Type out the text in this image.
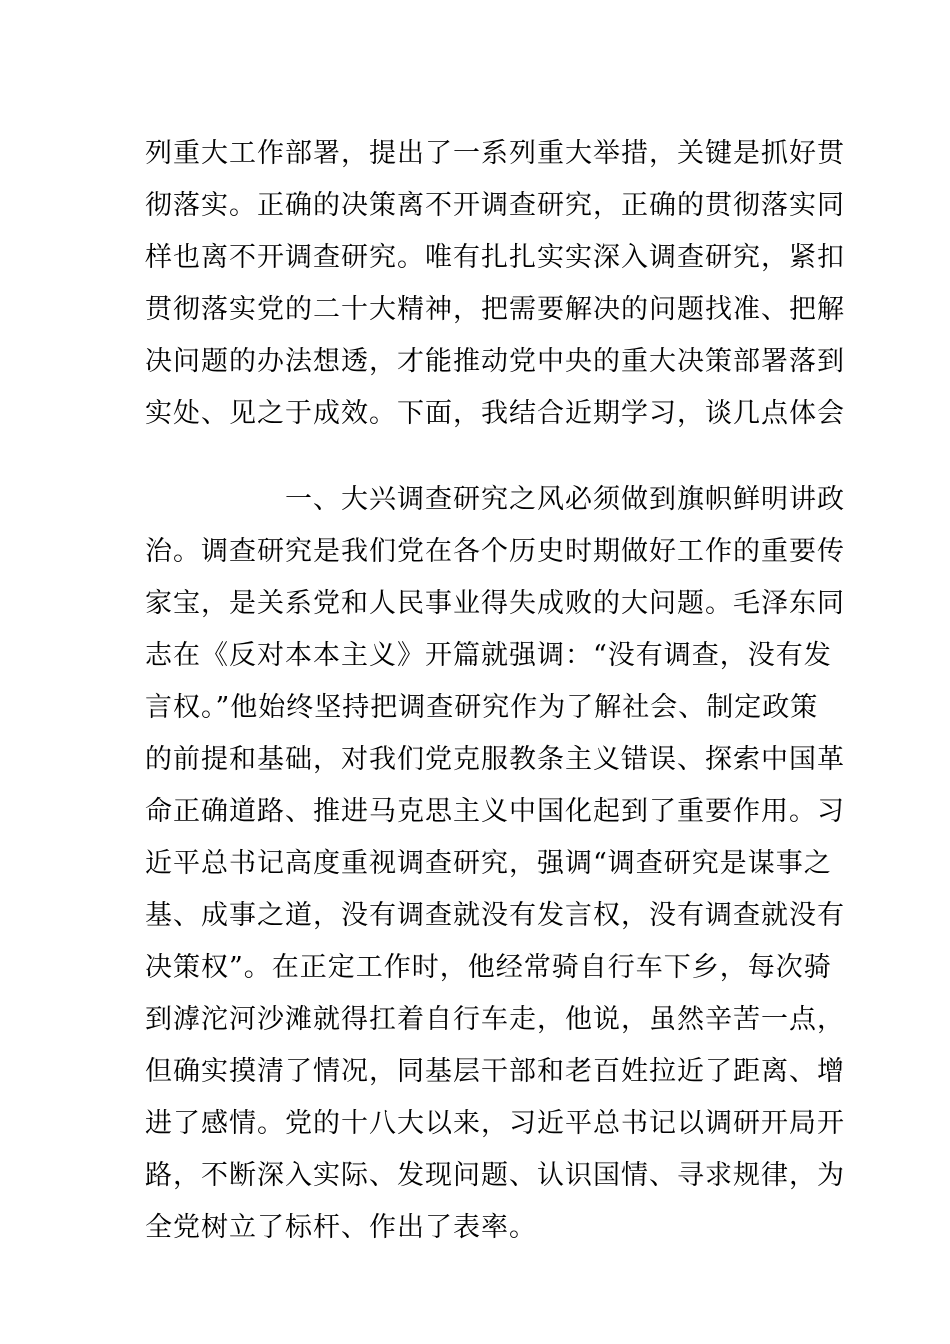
列重大工作部署，提出了一系列重大举措，关键是抓好贯
彻落实。正确的决策离不开调查研究，正确的贯彻落实同
样也离不开调查研究。唯有扎扎实实深入调查研究，紧扣
贯彻落实党的二十大精神，把需要解决的问题找准、把解
决问题的办法想透，才能推动党中央的重大决策部署落到
实处、见之于成效。下面，我结合近期学习，谈几点体会
一、大兴调查研究之风必须做到旗帜鲜明讲政
治。调查研究是我们党在各个历史时期做好工作的重要传
家宝，是关系党和人民事业得失成败的大问题。毛泽东同
志在《反对本本主义》开篇就强调：“没有调查，没有发
言权。”他始终坚持把调查研究作为了解社会、制定政策
的前提和基础，对我们党克服教条主义错误、探索中国革
命正确道路、推进马克思主义中国化起到了重要作用。习
近平总书记高度重视调查研究，强调“调查研究是谋事之
基、成事之道，没有调查就没有发言权，没有调查就没有
决策权”。在正定工作时，他经常骑自行车下乡，每次骑
到滹沱河沙滩就得扛着自行车走，他说，虽然辛苦一点，
但确实摸清了情况，同基层干部和老百姓拉近了距离、增
进了感情。党的十八大以来，习近平总书记以调研开局开
路，不断深入实际、发现问题、认识国情、寻求规律，为
全党树立了标杆、作出了表率。
